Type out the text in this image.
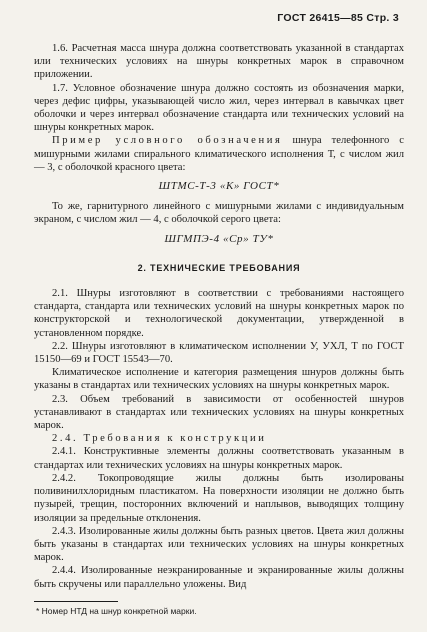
ГОСТ 26415—85 Стр. 3

1.6. Расчетная масса шнура должна соответствовать указанной в стандартах или технических условиях на шнуры конкретных марок в справочном приложении.

1.7. Условное обозначение шнура должно состоять из обозначения марки, через дефис цифры, указывающей число жил, через интервал в кавычках цвет оболочки и через интервал обозначение стандарта или технических условий на шнуры конкретных марок.

Пример условного обозначения шнура телефонного с мишурными жилами спирального климатического исполнения Т, с числом жил — 3, с оболочкой красного цвета:

ШТМС-Т-3 «К» ГОСТ*

То же, гарнитурного линейного с мишурными жилами с индивидуальным экраном, с числом жил — 4, с оболочкой серого цвета:

ШГМПЭ-4 «Ср» ТУ*
2. ТЕХНИЧЕСКИЕ ТРЕБОВАНИЯ

2.1. Шнуры изготовляют в соответствии с требованиями настоящего стандарта, стандарта или технических условий на шнуры конкретных марок по конструкторской и технологической документации, утвержденной в установленном порядке.

2.2. Шнуры изготовляют в климатическом исполнении У, УХЛ, Т по ГОСТ 15150—69 и ГОСТ 15543—70.

Климатическое исполнение и категория размещения шнуров должны быть указаны в стандартах или технических условиях на шнуры конкретных марок.

2.3. Объем требований в зависимости от особенностей шнуров устанавливают в стандартах или технических условиях на шнуры конкретных марок.

2.4. Требования к конструкции

2.4.1. Конструктивные элементы должны соответствовать указанным в стандартах или технических условиях на шнуры конкретных марок.

2.4.2. Токопроводящие жилы должны быть изолированы поливинилхлоридным пластикатом. На поверхности изоляции не должно быть пузырей, трещин, посторонних включений и наплывов, выводящих толщину изоляции за предельные отклонения.

2.4.3. Изолированные жилы должны быть разных цветов. Цвета жил должны быть указаны в стандартах или технических условиях на шнуры конкретных марок.

2.4.4. Изолированные неэкранированные и экранированные жилы должны быть скручены или параллельно уложены. Вид

* Номер НТД на шнур конкретной марки.
